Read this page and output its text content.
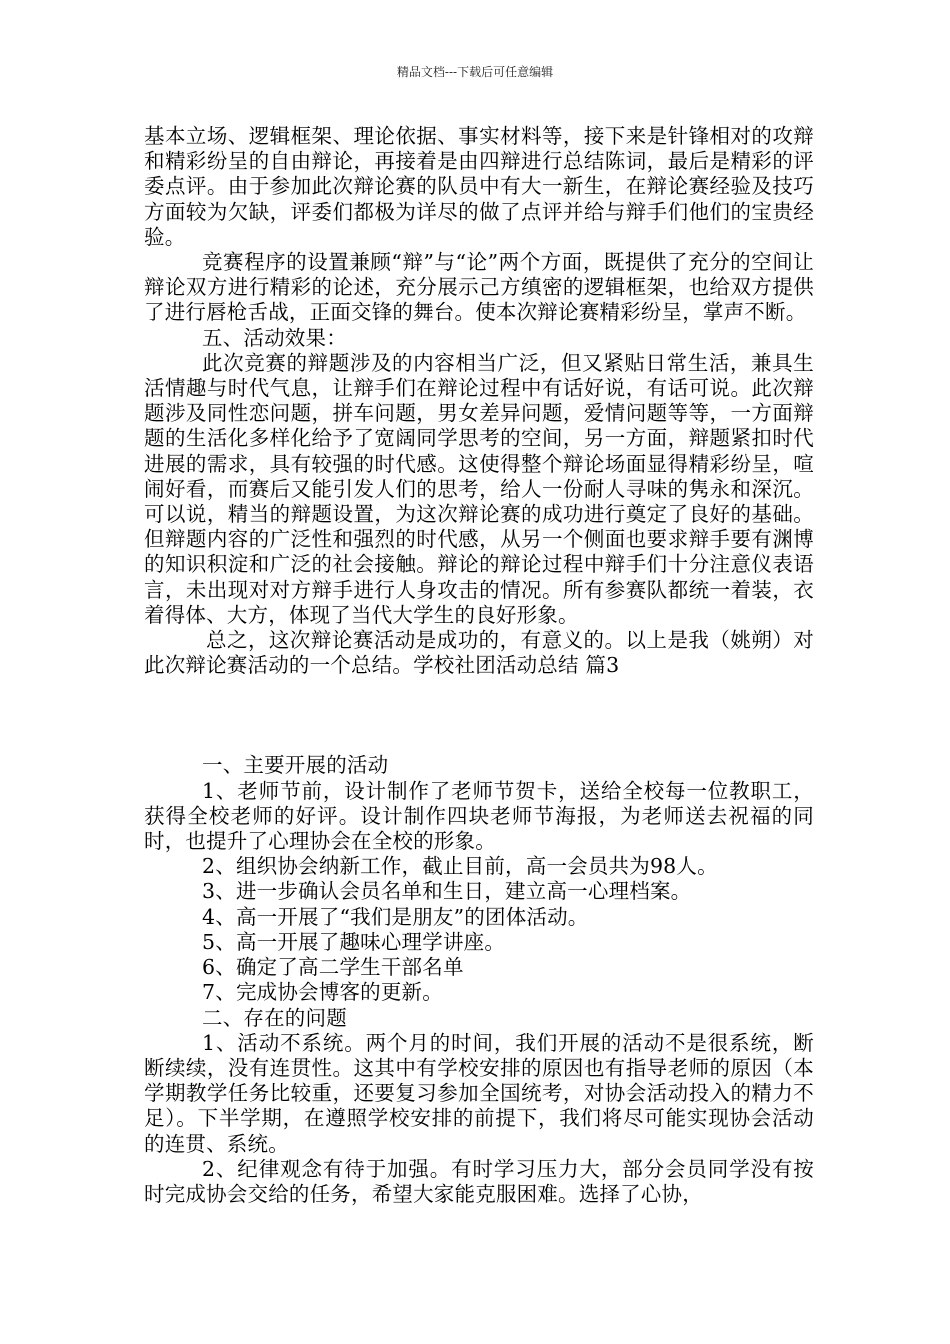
精品文档---下载后可任意编辑

基本立场、逻辑框架、理论依据、事实材料等，接下来是针锋相对的攻辩和精彩纷呈的自由辩论，再接着是由四辩进行总结陈词，最后是精彩的评委点评。由于参加此次辩论赛的队员中有大一新生，在辩论赛经验及技巧方面较为欠缺，评委们都极为详尽的做了点评并给与辩手们他们的宝贵经验。

竞赛程序的设置兼顾“辩”与“论”两个方面，既提供了充分的空间让辩论双方进行精彩的论述，充分展示己方缜密的逻辑框架，也给双方提供了进行唇枪舌战，正面交锋的舞台。使本次辩论赛精彩纷呈，掌声不断。

五、活动效果：

此次竞赛的辩题涉及的内容相当广泛，但又紧贴日常生活，兼具生活情趣与时代气息，让辩手们在辩论过程中有话好说，有话可说。此次辩题涉及同性恋问题，拼车问题，男女差异问题，爱情问题等等，一方面辩题的生活化多样化给予了宽阔同学思考的空间，另一方面，辩题紧扣时代进展的需求，具有较强的时代感。这使得整个辩论场面显得精彩纷呈，喧闹好看，而赛后又能引发人们的思考，给人一份耐人寻味的隽永和深沉。可以说，精当的辩题设置，为这次辩论赛的成功进行奠定了良好的基础。但辩题内容的广泛性和强烈的时代感，从另一个侧面也要求辩手要有渊博的知识积淀和广泛的社会接触。辩论的辩论过程中辩手们十分注意仪表语言，未出现对对方辩手进行人身攻击的情况。所有参赛队都统一着装，衣着得体、大方，体现了当代大学生的良好形象。

总之，这次辩论赛活动是成功的，有意义的。以上是我（姚朔）对此次辩论赛活动的一个总结。学校社团活动总结 篇3

一、主要开展的活动

1、老师节前，设计制作了老师节贺卡，送给全校每一位教职工，获得全校老师的好评。设计制作四块老师节海报，为老师送去祝福的同时，也提升了心理协会在全校的形象。

2、组织协会纳新工作，截止目前，高一会员共为98人。

3、进一步确认会员名单和生日，建立高一心理档案。

4、高一开展了“我们是朋友”的团体活动。

5、高一开展了趣味心理学讲座。

6、确定了高二学生干部名单

7、完成协会博客的更新。

二、存在的问题

1、活动不系统。两个月的时间，我们开展的活动不是很系统，断断续续，没有连贯性。这其中有学校安排的原因也有指导老师的原因（本学期教学任务比较重，还要复习参加全国统考，对协会活动投入的精力不足）。下半学期，在遵照学校安排的前提下，我们将尽可能实现协会活动的连贯、系统。

2、纪律观念有待于加强。有时学习压力大，部分会员同学没有按时完成协会交给的任务，希望大家能克服困难。选择了心协，
